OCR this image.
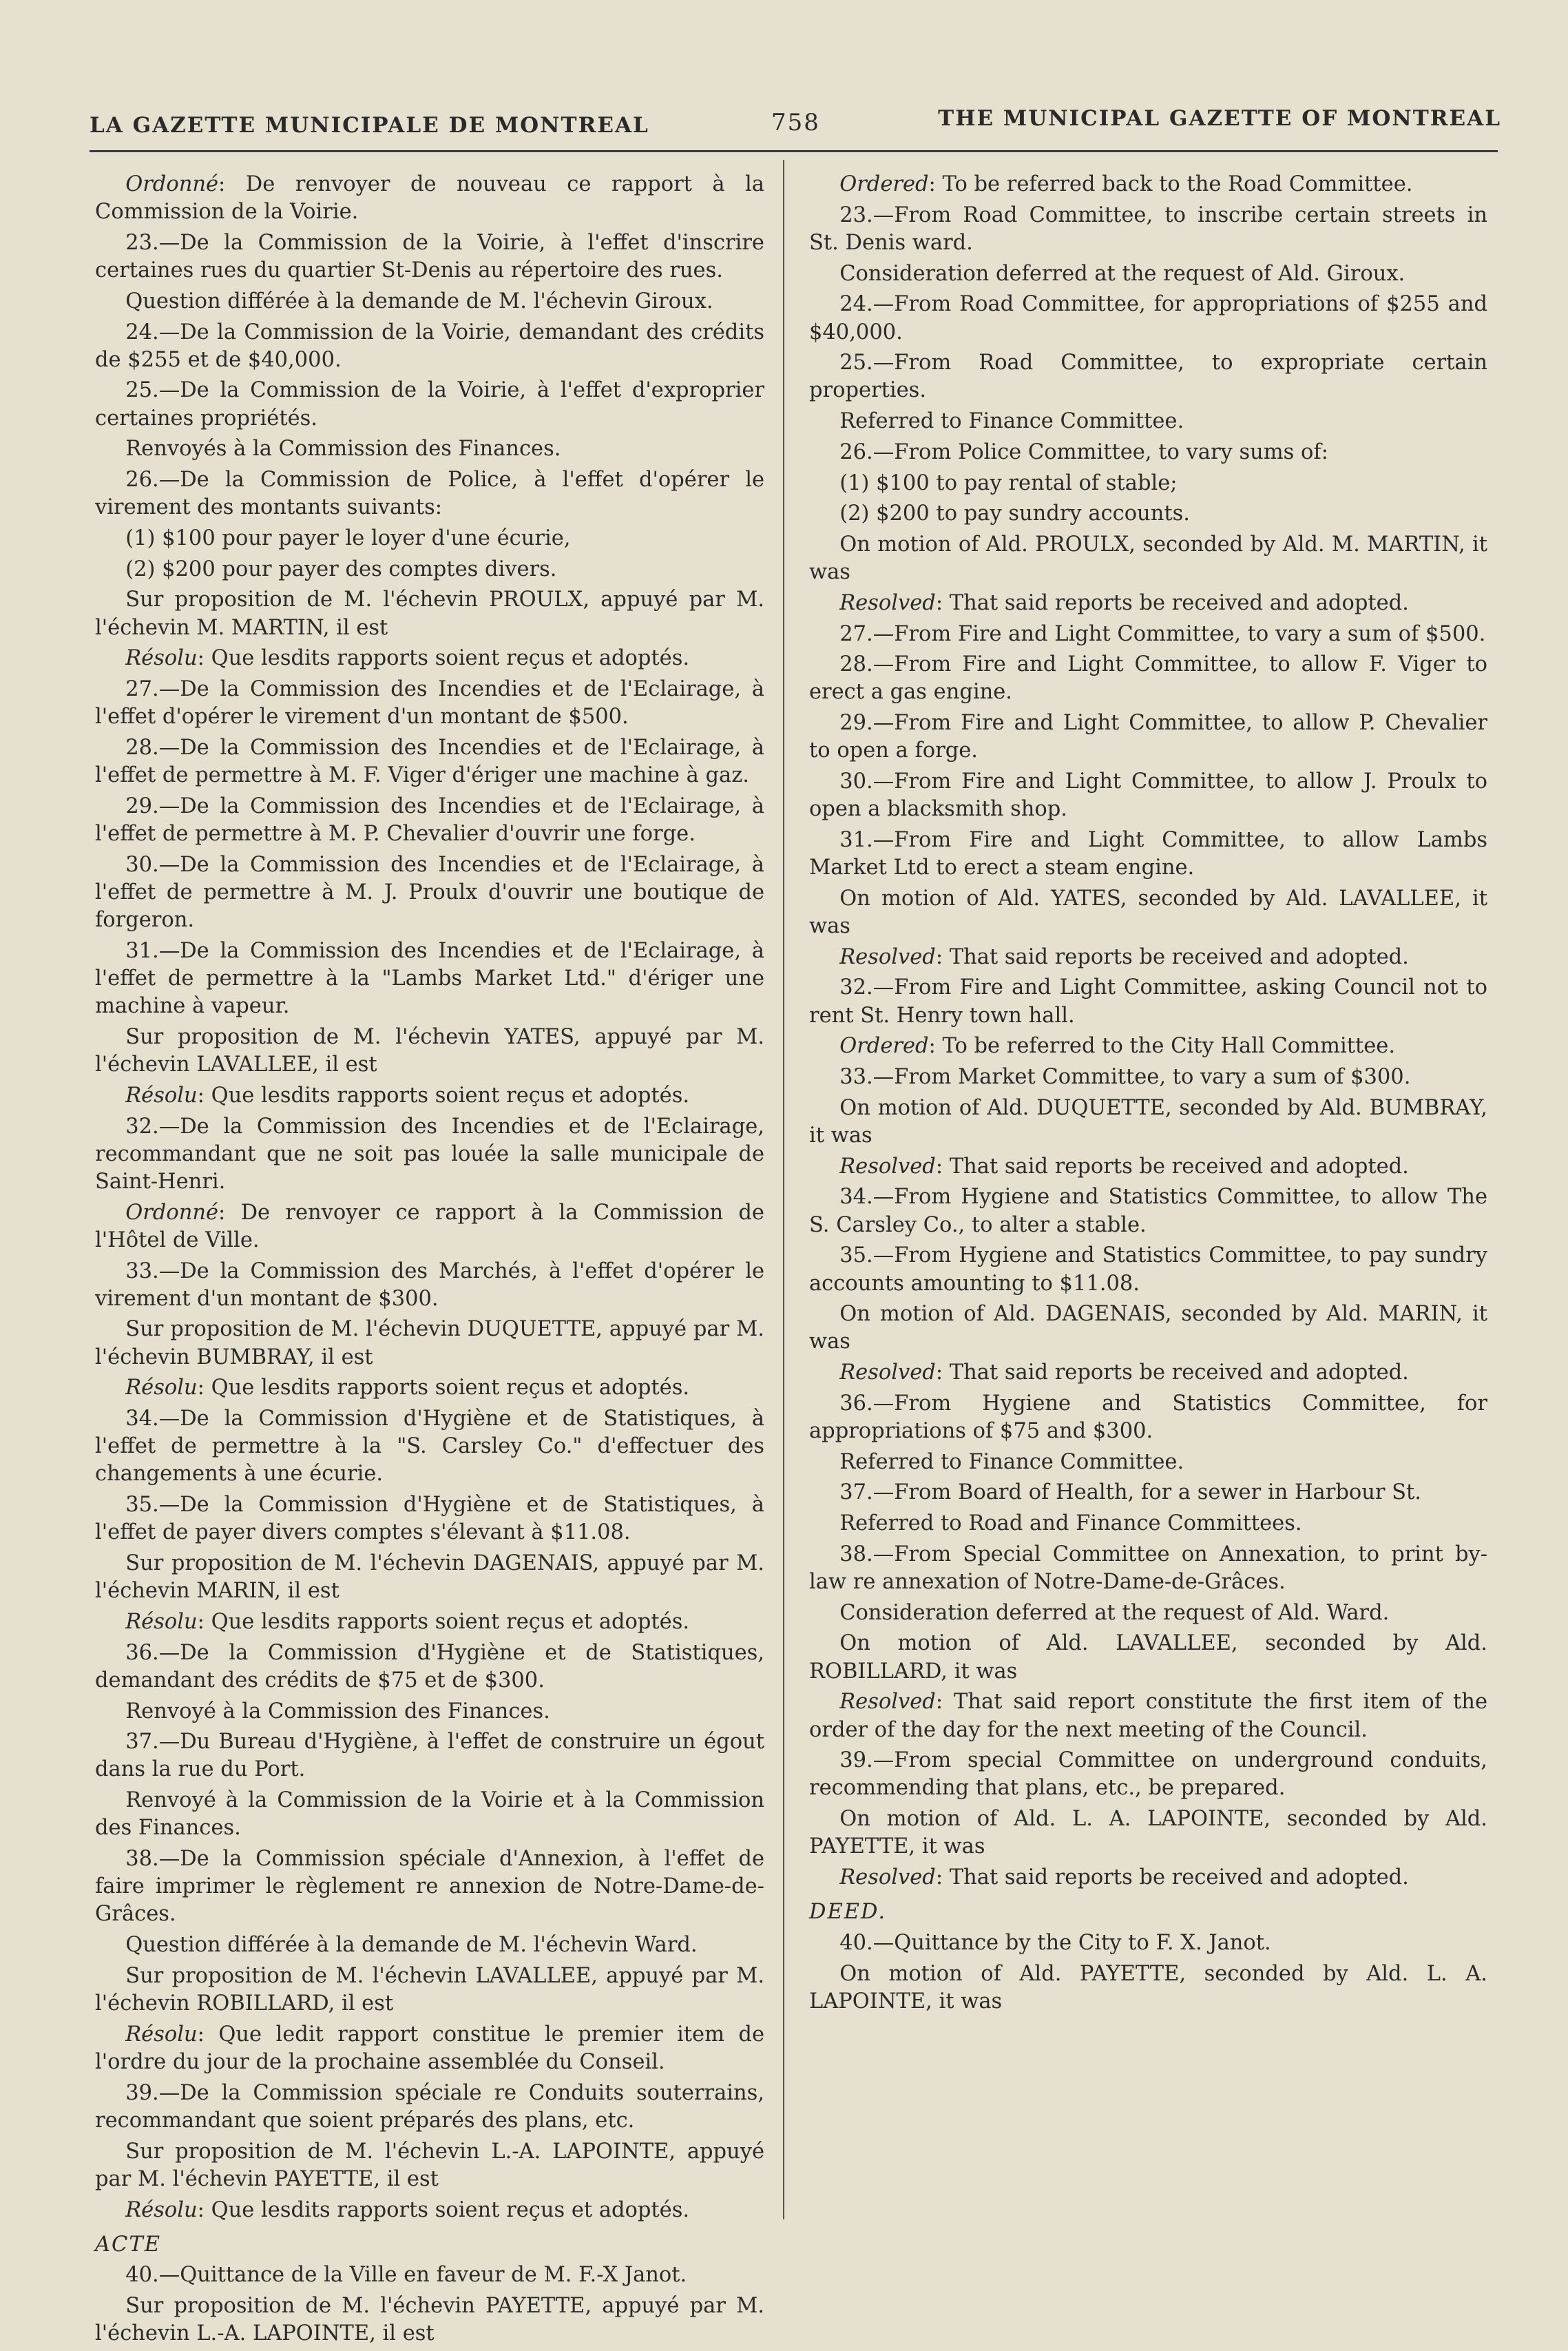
LA GAZETTE MUNICIPALE DE MONTREAL	758	THE MUNICIPAL GAZETTE OF MONTREAL

Ordonné: De renvoyer de nouveau ce rapport à la Commission de la Voirie.

23.—De la Commission de la Voirie, à l'effet d'inscrire certaines rues du quartier St-Denis au répertoire des rues.

Question différée à la demande de M. l'échevin Giroux.

24.—De la Commission de la Voirie, demandant des crédits de $255 et de $40,000.

25.—De la Commission de la Voirie, à l'effet d'exproprier certaines propriétés.

Renvoyés à la Commission des Finances.

26.—De la Commission de Police, à l'effet d'opérer le virement des montants suivants:

(1) $100 pour payer le loyer d'une écurie,

(2) $200 pour payer des comptes divers.

Sur proposition de M. l'échevin PROULX, appuyé par M. l'échevin M. MARTIN, il est

Résolu: Que lesdits rapports soient reçus et adoptés.

27.—De la Commission des Incendies et de l'Eclairage, à l'effet d'opérer le virement d'un montant de $500.

28.—De la Commission des Incendies et de l'Eclairage, à l'effet de permettre à M. F. Viger d'ériger une machine à gaz.

29.—De la Commission des Incendies et de l'Eclairage, à l'effet de permettre à M. P. Chevalier d'ouvrir une forge.

30.—De la Commission des Incendies et de l'Eclairage, à l'effet de permettre à M. J. Proulx d'ouvrir une boutique de forgeron.

31.—De la Commission des Incendies et de l'Eclairage, à l'effet de permettre à la "Lambs Market Ltd." d'ériger une machine à vapeur.

Sur proposition de M. l'échevin YATES, appuyé par M. l'échevin LAVALLEE, il est

Résolu: Que lesdits rapports soient reçus et adoptés.

32.—De la Commission des Incendies et de l'Eclairage, recommandant que ne soit pas louée la salle municipale de Saint-Henri.

Ordonné: De renvoyer ce rapport à la Commission de l'Hôtel de Ville.

33.—De la Commission des Marchés, à l'effet d'opérer le virement d'un montant de $300.

Sur proposition de M. l'échevin DUQUETTE, appuyé par M. l'échevin BUMBRAY, il est

Résolu: Que lesdits rapports soient reçus et adoptés.

34.—De la Commission d'Hygiène et de Statistiques, à l'effet de permettre à la "S. Carsley Co." d'effectuer des changements à une écurie.

35.—De la Commission d'Hygiène et de Statistiques, à l'effet de payer divers comptes s'élevant à $11.08.

Sur proposition de M. l'échevin DAGENAIS, appuyé par M. l'échevin MARIN, il est

Résolu: Que lesdits rapports soient reçus et adoptés.

36.—De la Commission d'Hygiène et de Statistiques, demandant des crédits de $75 et de $300.

Renvoyé à la Commission des Finances.

37.—Du Bureau d'Hygiène, à l'effet de construire un égout dans la rue du Port.

Renvoyé à la Commission de la Voirie et à la Commission des Finances.

38.—De la Commission spéciale d'Annexion, à l'effet de faire imprimer le règlement re annexion de Notre-Dame-de-Grâces.

Question différée à la demande de M. l'échevin Ward.

Sur proposition de M. l'échevin LAVALLEE, appuyé par M. l'échevin ROBILLARD, il est

Résolu: Que ledit rapport constitue le premier item de l'ordre du jour de la prochaine assemblée du Conseil.

39.—De la Commission spéciale re Conduits souterrains, recommandant que soient préparés des plans, etc.

Sur proposition de M. l'échevin L.-A. LAPOINTE, appuyé par M. l'échevin PAYETTE, il est

Résolu: Que lesdits rapports soient reçus et adoptés.

ACTE

40.—Quittance de la Ville en faveur de M. F.-X Janot.

Sur proposition de M. l'échevin PAYETTE, appuyé par M. l'échevin L.-A. LAPOINTE, il est

Ordered: To be referred back to the Road Committee.

23.—From Road Committee, to inscribe certain streets in St. Denis ward.

Consideration deferred at the request of Ald. Giroux.

24.—From Road Committee, for appropriations of $255 and $40,000.

25.—From Road Committee, to expropriate certain properties.

Referred to Finance Committee.

26.—From Police Committee, to vary sums of:

(1) $100 to pay rental of stable;

(2) $200 to pay sundry accounts.

On motion of Ald. PROULX, seconded by Ald. M. MARTIN, it was

Resolved: That said reports be received and adopted.

27.—From Fire and Light Committee, to vary a sum of $500.

28.—From Fire and Light Committee, to allow F. Viger to erect a gas engine.

29.—From Fire and Light Committee, to allow P. Chevalier to open a forge.

30.—From Fire and Light Committee, to allow J. Proulx to open a blacksmith shop.

31.—From Fire and Light Committee, to allow Lambs Market Ltd to erect a steam engine.

On motion of Ald. YATES, seconded by Ald. LAVALLEE, it was

Resolved: That said reports be received and adopted.

32.—From Fire and Light Committee, asking Council not to rent St. Henry town hall.

Ordered: To be referred to the City Hall Committee.

33.—From Market Committee, to vary a sum of $300.

On motion of Ald. DUQUETTE, seconded by Ald. BUMBRAY, it was

Resolved: That said reports be received and adopted.

34.—From Hygiene and Statistics Committee, to allow The S. Carsley Co., to alter a stable.

35.—From Hygiene and Statistics Committee, to pay sundry accounts amounting to $11.08.

On motion of Ald. DAGENAIS, seconded by Ald. MARIN, it was

Resolved: That said reports be received and adopted.

36.—From Hygiene and Statistics Committee, for appropriations of $75 and $300.

Referred to Finance Committee.

37.—From Board of Health, for a sewer in Harbour St.

Referred to Road and Finance Committees.

38.—From Special Committee on Annexation, to print by-law re annexation of Notre-Dame-de-Grâces.

Consideration deferred at the request of Ald. Ward.

On motion of Ald. LAVALLEE, seconded by Ald. ROBILLARD, it was

Resolved: That said report constitute the first item of the order of the day for the next meeting of the Council.

39.—From special Committee on underground conduits, recommending that plans, etc., be prepared.

On motion of Ald. L. A. LAPOINTE, seconded by Ald. PAYETTE, it was

Resolved: That said reports be received and adopted.

DEED.

40.—Quittance by the City to F. X. Janot.

On motion of Ald. PAYETTE, seconded by Ald. L. A. LAPOINTE, it was
